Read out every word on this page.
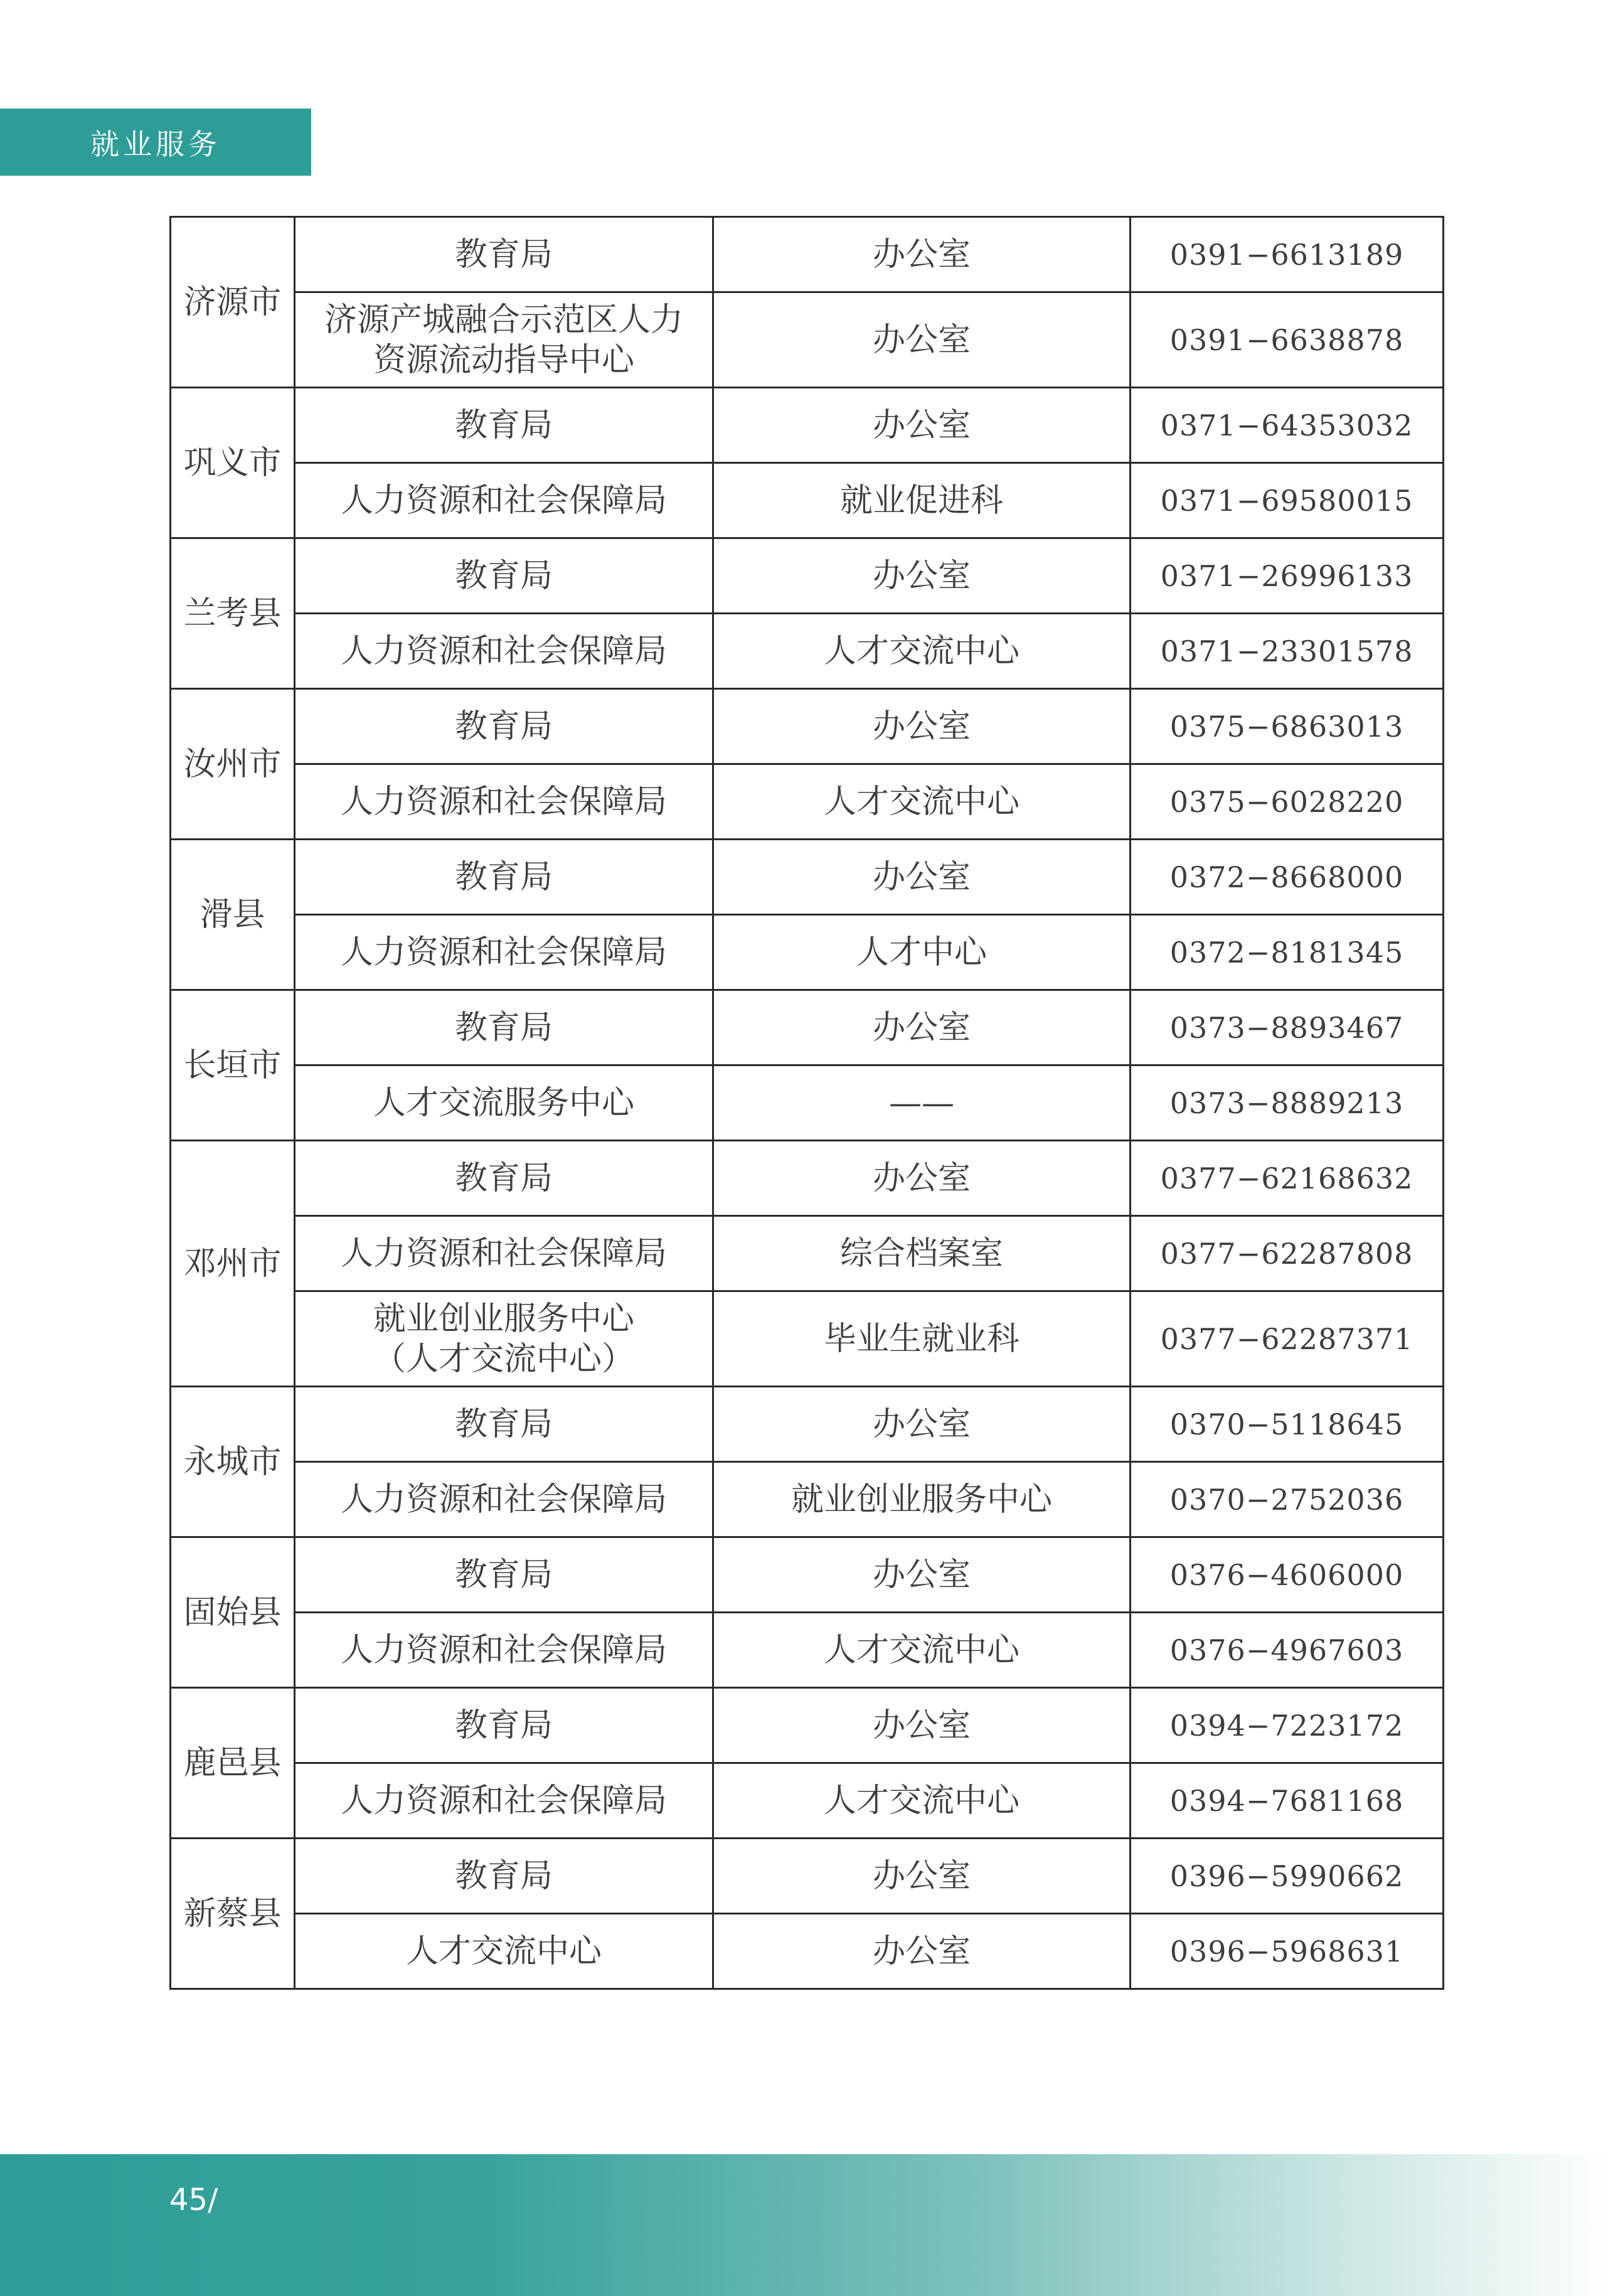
就业服务
济源市	教育局	办公室	0391−6613189
	济源产城融合示范区人力资源流动指导中心	办公室	0391−6638878
巩义市	教育局	办公室	0371−64353032
	人力资源和社会保障局	就业促进科	0371−69580015
兰考县	教育局	办公室	0371−26996133
	人力资源和社会保障局	人才交流中心	0371−23301578
汝州市	教育局	办公室	0375−6863013
	人力资源和社会保障局	人才交流中心	0375−6028220
滑县	教育局	办公室	0372−8668000
	人力资源和社会保障局	人才中心	0372−8181345
长垣市	教育局	办公室	0373−8893467
	人才交流服务中心	——	0373−8889213
邓州市	教育局	办公室	0377−62168632
	人力资源和社会保障局	综合档案室	0377−62287808
	就业创业服务中心（人才交流中心）	毕业生就业科	0377−62287371
永城市	教育局	办公室	0370−5118645
	人力资源和社会保障局	就业创业服务中心	0370−2752036
固始县	教育局	办公室	0376−4606000
	人力资源和社会保障局	人才交流中心	0376−4967603
鹿邑县	教育局	办公室	0394−7223172
	人力资源和社会保障局	人才交流中心	0394−7681168
新蔡县	教育局	办公室	0396−5990662
	人才交流中心	办公室	0396−5968631
45/
